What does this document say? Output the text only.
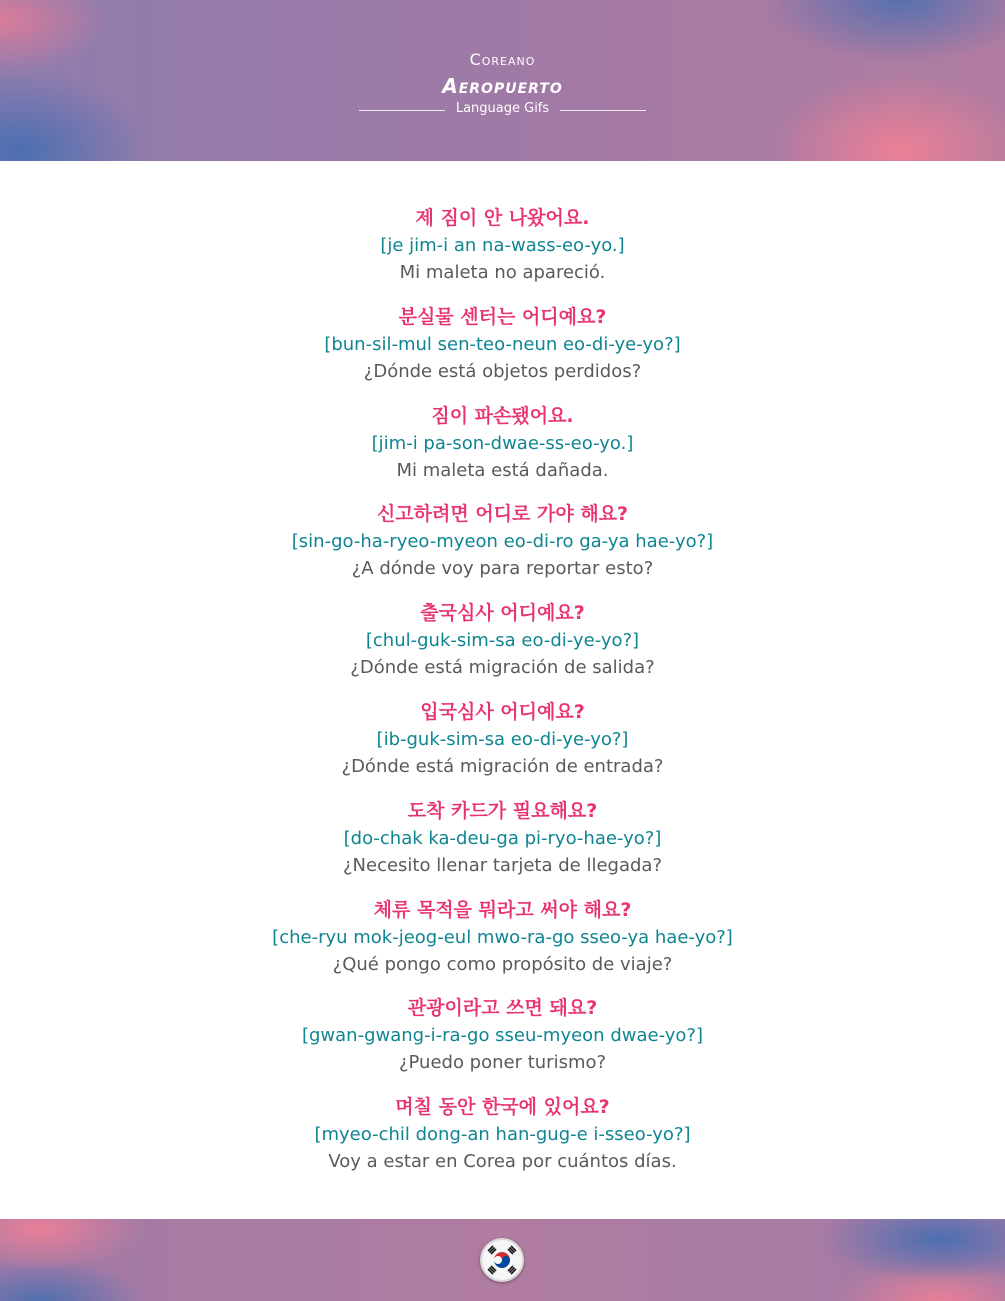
Coreano
Aeropuerto
Language Gifs
제 짐이 안 나왔어요.
[je jim-i an na-wass-eo-yo.]
Mi maleta no apareció.
분실물 센터는 어디예요?
[bun-sil-mul sen-teo-neun eo-di-ye-yo?]
¿Dónde está objetos perdidos?
짐이 파손됐어요.
[jim-i pa-son-dwae-ss-eo-yo.]
Mi maleta está dañada.
신고하려면 어디로 가야 해요?
[sin-go-ha-ryeo-myeon eo-di-ro ga-ya hae-yo?]
¿A dónde voy para reportar esto?
출국심사 어디예요?
[chul-guk-sim-sa eo-di-ye-yo?]
¿Dónde está migración de salida?
입국심사 어디예요?
[ib-guk-sim-sa eo-di-ye-yo?]
¿Dónde está migración de entrada?
도착 카드가 필요해요?
[do-chak ka-deu-ga pi-ryo-hae-yo?]
¿Necesito llenar tarjeta de llegada?
체류 목적을 뭐라고 써야 해요?
[che-ryu mok-jeog-eul mwo-ra-go sseo-ya hae-yo?]
¿Qué pongo como propósito de viaje?
관광이라고 쓰면 돼요?
[gwan-gwang-i-ra-go sseu-myeon dwae-yo?]
¿Puedo poner turismo?
며칠 동안 한국에 있어요?
[myeo-chil dong-an han-gug-e i-sseo-yo?]
Voy a estar en Corea por cuántos días.
